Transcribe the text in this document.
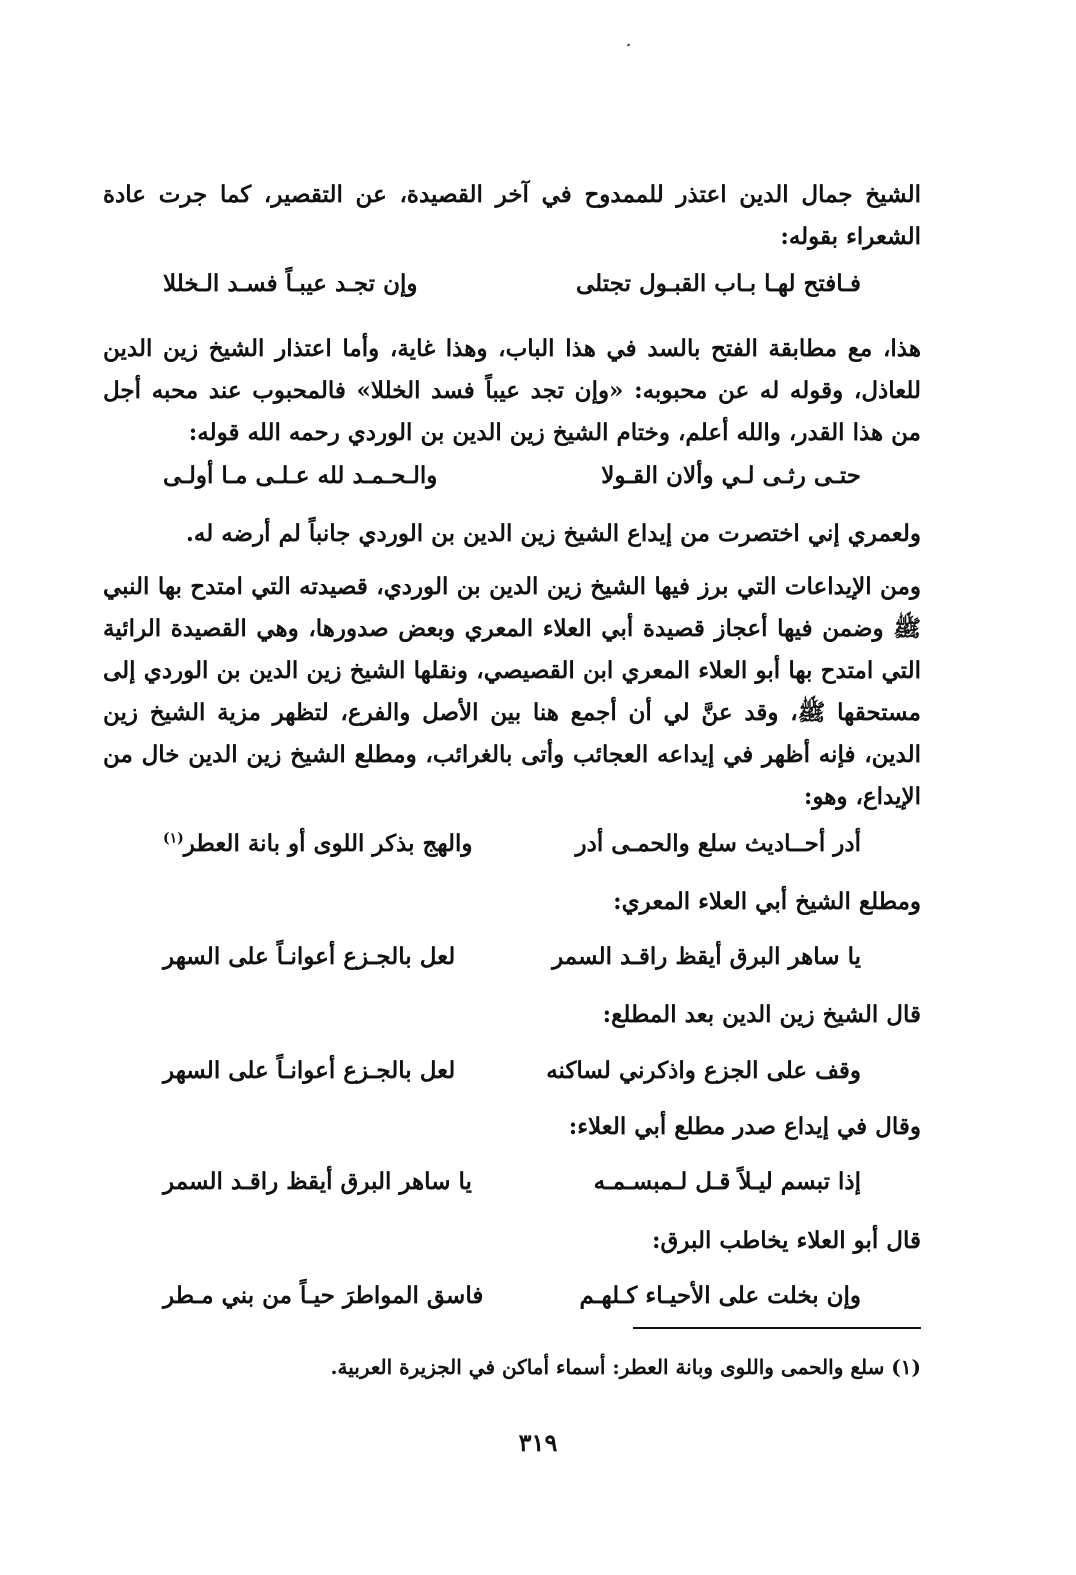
الشيخ جمال الدين اعتذر للممدوح في آخر القصيدة، عن التقصير، كما جرت عادة الشعراء بقوله:
فـافتح لهـا بـاب القبـول تجتلى
وإن تجـد عيبـاً فسـد الـخللا
هذا، مع مطابقة الفتح بالسد في هذا الباب، وهذا غاية، وأما اعتذار الشيخ زين الدين للعاذل، وقوله له عن محبوبه: «وإن تجد عيباً فسد الخللا» فالمحبوب عند محبه أجل من هذا القدر، والله أعلم، وختام الشيخ زين الدين بن الوردي رحمه الله قوله:
حتـى رثـى لـي وألان القـولا
والـحـمـد لله عـلـى مـا أولـى
ولعمري إني اختصرت من إيداع الشيخ زين الدين بن الوردي جانباً لم أرضه له.
ومن الإيداعات التي برز فيها الشيخ زين الدين بن الوردي، قصيدته التي امتدح بها النبي ﷺ وضمن فيها أعجاز قصيدة أبي العلاء المعري وبعض صدورها، وهي القصيدة الرائية التي امتدح بها أبو العلاء المعري ابن القصيصي، ونقلها الشيخ زين الدين بن الوردي إلى مستحقها ﷺ، وقد عنَّ لي أن أجمع هنا بين الأصل والفرع، لتظهر مزية الشيخ زين الدين، فإنه أظهر في إيداعه العجائب وأتى بالغرائب، ومطلع الشيخ زين الدين خال من الإيداع، وهو:
أدر أحــاديث سلع والحمـى أدر
والهج بذكر اللوى أو بانة العطر$^{(١)}$
ومطلع الشيخ أبي العلاء المعري:
يا ساهر البرق أيقظ راقـد السمر
لعل بالجـزع أعوانـاً على السهر
قال الشيخ زين الدين بعد المطلع:
وقف على الجزع واذكرني لساكنه
لعل بالجـزع أعوانـاً على السهر
وقال في إيداع صدر مطلع أبي العلاء:
إذا تبسم ليـلاً قـل لـمبسـمـه
يا ساهر البرق أيقظ راقـد السمر
قال أبو العلاء يخاطب البرق:
وإن بخلت على الأحيـاء كـلهـم
فاسق المواطرَ حيـاً من بني مـطر
(١) سلع والحمى واللوى وبانة العطر: أسماء أماكن في الجزيرة العربية.
٣١٩
